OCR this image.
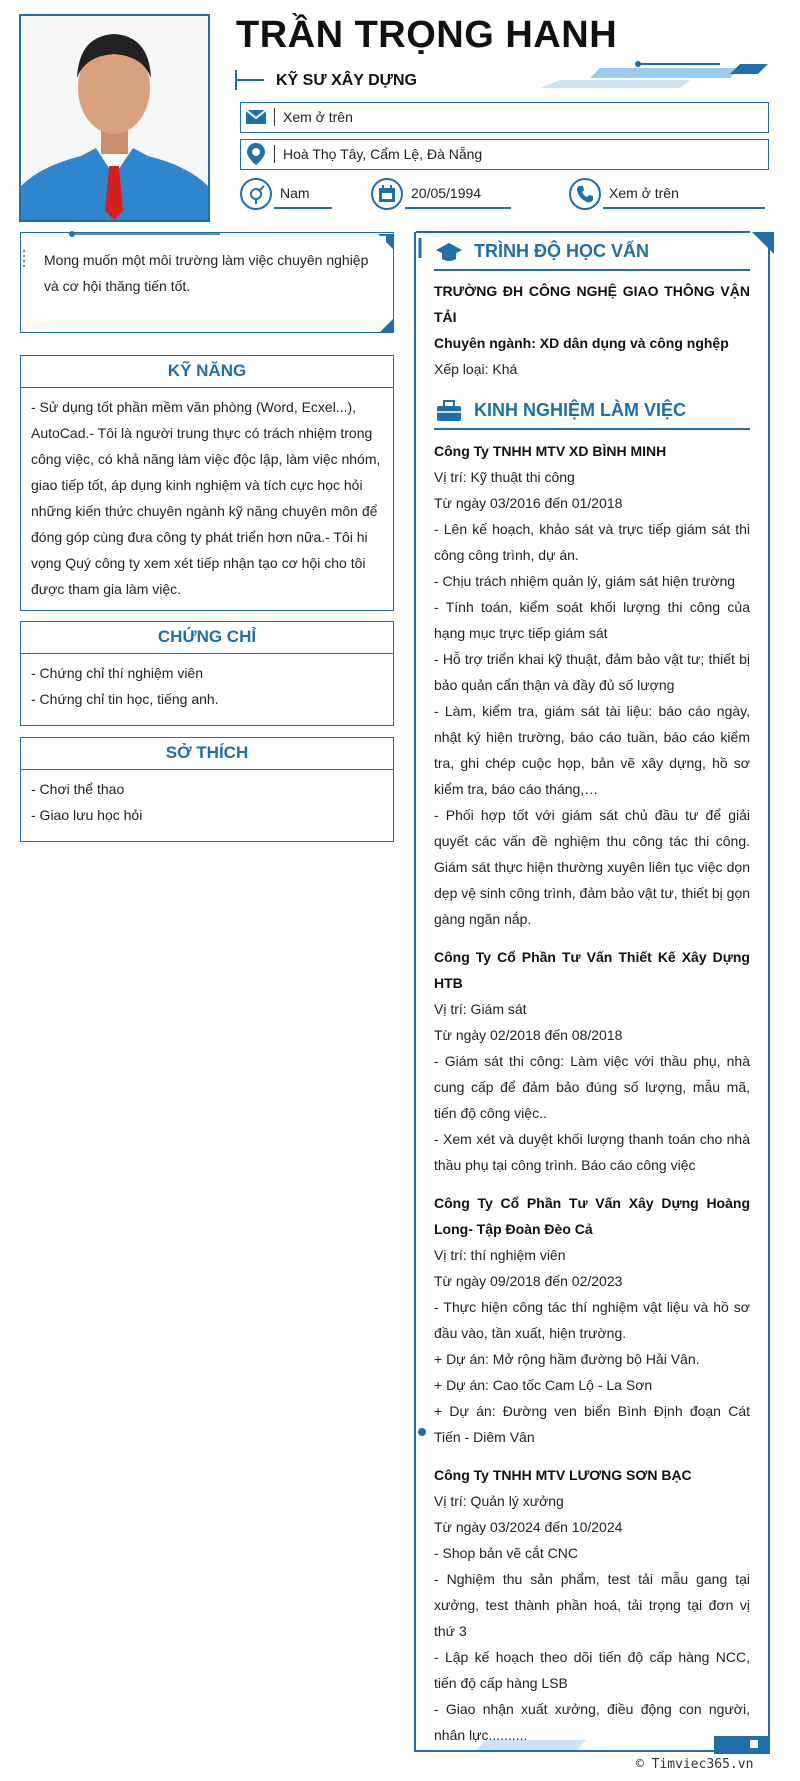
TRẦN TRỌNG HANH
KỸ SƯ XÂY DỰNG
Xem ở trên
Hoà Thọ Tây, Cẩm Lệ, Đà Nẵng
Nam	20/05/1994	Xem ở trên
Mong muốn một môi trường làm việc chuyên nghiệp và cơ hội thăng tiến tốt.
KỸ NĂNG
- Sử dụng tốt phần mềm văn phòng (Word, Ecxel...), AutoCad.- Tôi là người trung thực có trách nhiệm trong công việc, có khả năng làm việc độc lập, làm việc nhóm, giao tiếp tốt, áp dụng kinh nghiệm và tích cực học hỏi những kiến thức chuyên ngành kỹ năng chuyên môn để đóng góp cùng đưa công ty phát triển hơn nữa.- Tôi hi vọng Quý công ty xem xét tiếp nhận tạo cơ hội cho tôi được tham gia làm việc.
CHỨNG CHỈ
- Chứng chỉ thí nghiệm viên
- Chứng chỉ tin học, tiếng anh.
SỞ THÍCH
- Chơi thể thao
- Giao lưu học hỏi
TRÌNH ĐỘ HỌC VẤN
TRƯỜNG ĐH CÔNG NGHỆ GIAO THÔNG VẬN TẢI
Chuyên ngành: XD dân dụng và công nghệp
Xếp loại: Khá
KINH NGHIỆM LÀM VIỆC
Công Ty TNHH MTV XD BÌNH MINH
Vị trí: Kỹ thuật thi công
Từ ngày 03/2016 đến 01/2018
- Lên kế hoạch, khảo sát và trực tiếp giám sát thi công công trình, dự án.
- Chịu trách nhiệm quản lý, giám sát hiện trường
- Tính toán, kiểm soát khối lượng thi công của hạng mục trực tiếp giám sát
- Hỗ trợ triển khai kỹ thuật, đảm bảo vật tư; thiết bị bảo quản cẩn thận và đầy đủ số lượng
- Làm, kiểm tra, giám sát tài liệu: báo cáo ngày, nhật ký hiện trường, báo cáo tuần, báo cáo kiểm tra, ghi chép cuộc họp, bản vẽ xây dựng, hồ sơ kiểm tra, báo cáo tháng,…
- Phối hợp tốt với giám sát chủ đầu tư để giải quyết các vấn đề nghiệm thu công tác thi công. Giám sát thực hiện thường xuyên liên tục việc dọn dẹp vệ sinh công trình, đảm bảo vật tư, thiết bị gọn gàng ngăn nắp.
Công Ty Cổ Phần Tư Vấn Thiết Kế Xây Dựng HTB
Vị trí: Giám sát
Từ ngày 02/2018 đến 08/2018
- Giám sát thi công: Làm việc với thầu phụ, nhà cung cấp để đảm bảo đúng số lượng, mẫu mã, tiến độ công việc..
- Xem xét và duyệt khối lượng thanh toán cho nhà thầu phụ tại công trình. Báo cáo công việc
Công Ty Cổ Phần Tư Vấn Xây Dựng Hoàng Long- Tập Đoàn Đèo Cả
Vị trí: thí nghiệm viên
Từ ngày 09/2018 đến 02/2023
- Thực hiện công tác thí nghiệm vật liệu và hồ sơ đầu vào, tần xuất, hiện trường.
+ Dự án: Mở rộng hầm đường bộ Hải Vân.
+ Dự án: Cao tốc Cam Lộ - La Sơn
+ Dự án: Đường ven biển Bình Định đoạn Cát Tiến - Diêm Vân
Công Ty TNHH MTV LƯƠNG SƠN BẠC
Vị trí: Quản lý xưởng
Từ ngày 03/2024 đến 10/2024
- Shop bản vẽ cắt CNC
- Nghiệm thu sản phẩm, test tải mẫu gang tại xưởng, test thành phần hoá, tải trọng tại đơn vị thứ 3
- Lập kế hoạch theo dõi tiến độ cấp hàng NCC, tiến độ cấp hàng LSB
- Giao nhận xuất xưởng, điều động con người, nhân lực..........
© Timviec365.vn
